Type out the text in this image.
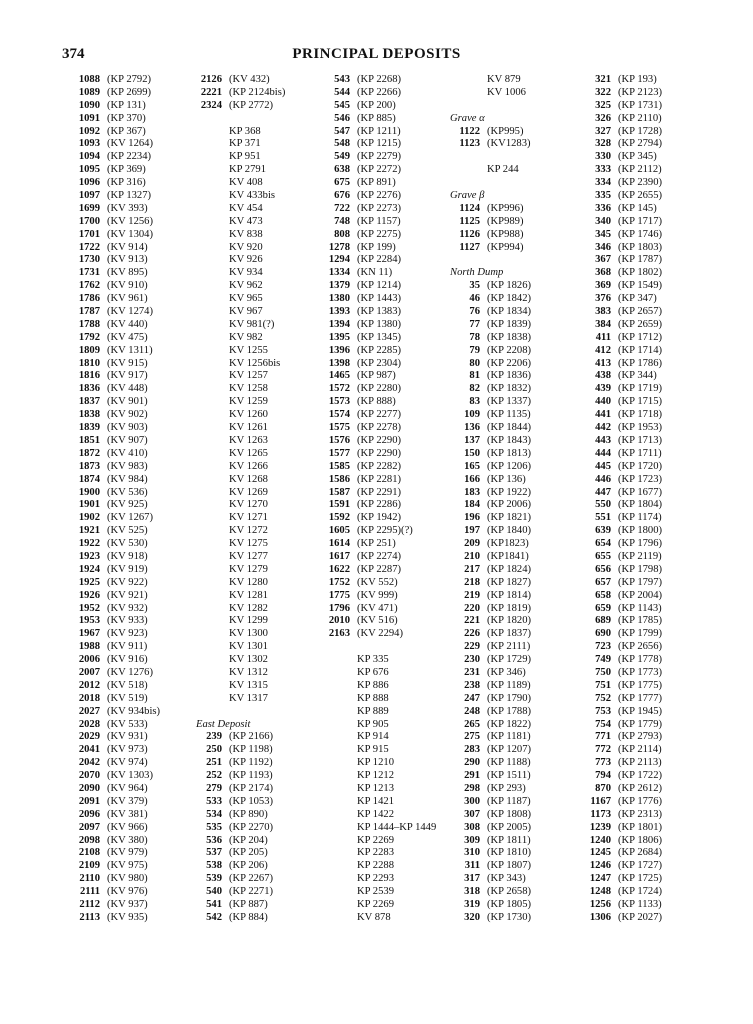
374	PRINCIPAL DEPOSITS
1088 (KP 2792)
1089 (KP 2699)
1090 (KP 131)
1091 (KP 370)
1092 (KP 367)
1093 (KV 1264)
1094 (KP 2234)
1095 (KP 369)
1096 (KP 316)
1097 (KP 1327)
1699 (KV 393)
1700 (KV 1256)
1701 (KV 1304)
1722 (KV 914)
1730 (KV 913)
1731 (KV 895)
1762 (KV 910)
1786 (KV 961)
1787 (KV 1274)
1788 (KV 440)
1792 (KV 475)
1809 (KV 1311)
1810 (KV 915)
1816 (KV 917)
1836 (KV 448)
1837 (KV 901)
1838 (KV 902)
1839 (KV 903)
1851 (KV 907)
1872 (KV 410)
1873 (KV 983)
1874 (KV 984)
1900 (KV 536)
1901 (KV 925)
1902 (KV 1267)
1921 (KV 525)
1922 (KV 530)
1923 (KV 918)
1924 (KV 919)
1925 (KV 922)
1926 (KV 921)
1952 (KV 932)
1953 (KV 933)
1967 (KV 923)
1988 (KV 911)
2006 (KV 916)
2007 (KV 1276)
2012 (KV 518)
2018 (KV 519)
2027 (KV 934bis)
2028 (KV 533)
2029 (KV 931)
2041 (KV 973)
2042 (KV 974)
2070 (KV 1303)
2090 (KV 964)
2091 (KV 379)
2096 (KV 381)
2097 (KV 966)
2098 (KV 380)
2108 (KV 979)
2109 (KV 975)
2110 (KV 980)
2111 (KV 976)
2112 (KV 937)
2113 (KV 935)
2126 (KV 432)
2221 (KP 2124bis)
2324 (KP 2772)
KP 368
KP 371
KP 951
KP 2791
KV 408
KV 433bis
KV 454
KV 473
KV 838
KV 920
KV 926
KV 934
KV 962
KV 965
KV 967
KV 981(?)
KV 982
KV 1255
KV 1256bis
KV 1257
KV 1258
KV 1259
KV 1260
KV 1261
KV 1263
KV 1265
KV 1266
KV 1268
KV 1269
KV 1270
KV 1271
KV 1272
KV 1275
KV 1277
KV 1279
KV 1280
KV 1281
KV 1282
KV 1299
KV 1300
KV 1301
KV 1302
KV 1312
KV 1315
KV 1317
East Deposit
239 (KP 2166)
250 (KP 1198)
251 (KP 1192)
252 (KP 1193)
279 (KP 2174)
533 (KP 1053)
534 (KP 890)
535 (KP 2270)
536 (KP 204)
537 (KP 205)
538 (KP 206)
539 (KP 2267)
540 (KP 2271)
541 (KP 887)
542 (KP 884)
543 (KP 2268)
544 (KP 2266)
545 (KP 200)
546 (KP 885)
547 (KP 1211)
548 (KP 1215)
549 (KP 2279)
638 (KP 2272)
675 (KP 891)
676 (KP 2276)
722 (KP 2273)
748 (KP 1157)
808 (KP 2275)
1278 (KP 199)
1294 (KP 2284)
1334 (KN 11)
1379 (KP 1214)
1380 (KP 1443)
1393 (KP 1383)
1394 (KP 1380)
1395 (KP 1345)
1396 (KP 2285)
1398 (KP 2304)
1465 (KP 987)
1572 (KP 2280)
1573 (KP 888)
1574 (KP 2277)
1575 (KP 2278)
1576 (KP 2290)
1577 (KP 2290)
1585 (KP 2282)
1586 (KP 2281)
1587 (KP 2291)
1591 (KP 2286)
1592 (KP 1942)
1605 (KP 2295)(?)
1614 (KP 251)
1617 (KP 2274)
1622 (KP 2287)
1752 (KV 552)
1775 (KV 999)
1796 (KV 471)
2010 (KV 516)
2163 (KV 2294)
KP 335
KP 676
KP 886
KP 888
KP 889
KP 905
KP 914
KP 915
KP 1210
KP 1212
KP 1213
KP 1421
KP 1422
KP 1444–KP 1449
KP 2269
KP 2283
KP 2288
KP 2293
KP 2539
KP 2269
KV 878
KV 879
KV 1006
Grave α
1122 (KP995)
1123 (KV1283)
KP 244
Grave β
1124 (KP996)
1125 (KP989)
1126 (KP988)
1127 (KP994)
North Dump
35 (KP 1826)
46 (KP 1842)
76 (KP 1834)
77 (KP 1839)
78 (KP 1838)
79 (KP 2208)
80 (KP 2206)
81 (KP 1836)
82 (KP 1832)
83 (KP 1337)
109 (KP 1135)
136 (KP 1844)
137 (KP 1843)
150 (KP 1813)
165 (KP 1206)
166 (KP 136)
183 (KP 1922)
184 (KP 2006)
196 (KP 1821)
197 (KP 1840)
209 (KP1823)
210 (KP1841)
217 (KP 1824)
218 (KP 1827)
219 (KP 1814)
220 (KP 1819)
221 (KP 1820)
226 (KP 1837)
229 (KP 2111)
230 (KP 1729)
231 (KP 346)
238 (KP 1189)
247 (KP 1790)
248 (KP 1788)
265 (KP 1822)
275 (KP 1181)
283 (KP 1207)
290 (KP 1188)
291 (KP 1511)
298 (KP 293)
300 (KP 1187)
307 (KP 1808)
308 (KP 2005)
309 (KP 1811)
310 (KP 1810)
311 (KP 1807)
317 (KP 343)
318 (KP 2658)
319 (KP 1805)
320 (KP 1730)
321 (KP 193)
322 (KP 2123)
325 (KP 1731)
326 (KP 2110)
327 (KP 1728)
328 (KP 2794)
330 (KP 345)
333 (KP 2112)
334 (KP 2390)
335 (KP 2655)
336 (KP 145)
340 (KP 1717)
345 (KP 1746)
346 (KP 1803)
367 (KP 1787)
368 (KP 1802)
369 (KP 1549)
376 (KP 347)
383 (KP 2657)
384 (KP 2659)
411 (KP 1712)
412 (KP 1714)
413 (KP 1786)
438 (KP 344)
439 (KP 1719)
440 (KP 1715)
441 (KP 1718)
442 (KP 1953)
443 (KP 1713)
444 (KP 1711)
445 (KP 1720)
446 (KP 1723)
447 (KP 1677)
550 (KP 1804)
551 (KP 1174)
639 (KP 1800)
654 (KP 1796)
655 (KP 2119)
656 (KP 1798)
657 (KP 1797)
658 (KP 2004)
659 (KP 1143)
689 (KP 1785)
690 (KP 1799)
723 (KP 2656)
749 (KP 1778)
750 (KP 1773)
751 (KP 1775)
752 (KP 1777)
753 (KP 1945)
754 (KP 1779)
771 (KP 2793)
772 (KP 2114)
773 (KP 2113)
794 (KP 1722)
870 (KP 2612)
1167 (KP 1776)
1173 (KP 2313)
1239 (KP 1801)
1240 (KP 1806)
1245 (KP 2684)
1246 (KP 1727)
1247 (KP 1725)
1248 (KP 1724)
1256 (KP 1133)
1306 (KP 2027)
